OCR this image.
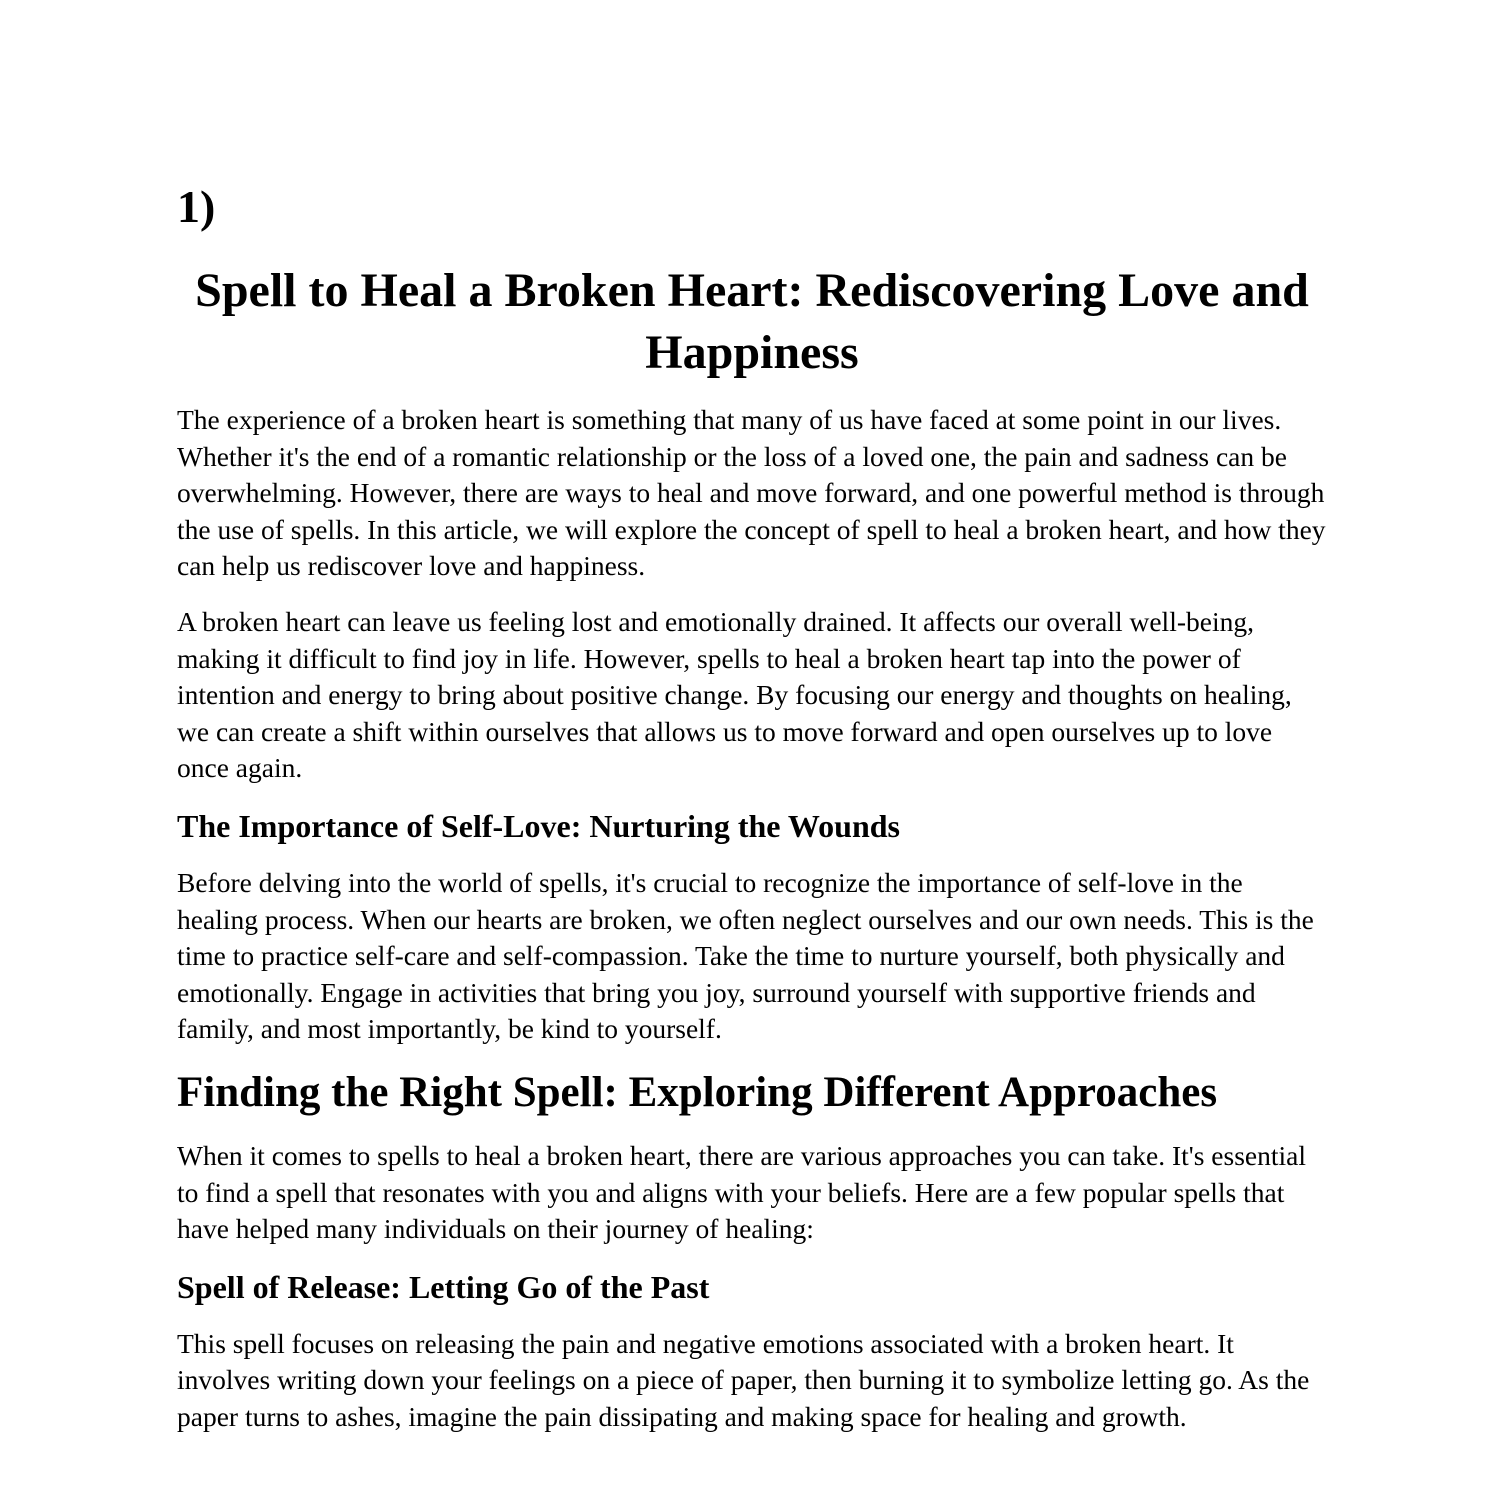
1)
Spell to Heal a Broken Heart: Rediscovering Love and Happiness

The experience of a broken heart is something that many of us have faced at some point in our lives. Whether it's the end of a romantic relationship or the loss of a loved one, the pain and sadness can be overwhelming. However, there are ways to heal and move forward, and one powerful method is through the use of spells. In this article, we will explore the concept of spell to heal a broken heart, and how they can help us rediscover love and happiness.

A broken heart can leave us feeling lost and emotionally drained. It affects our overall well-being, making it difficult to find joy in life. However, spells to heal a broken heart tap into the power of intention and energy to bring about positive change. By focusing our energy and thoughts on healing, we can create a shift within ourselves that allows us to move forward and open ourselves up to love once again.

The Importance of Self-Love: Nurturing the Wounds

Before delving into the world of spells, it's crucial to recognize the importance of self-love in the healing process. When our hearts are broken, we often neglect ourselves and our own needs. This is the time to practice self-care and self-compassion. Take the time to nurture yourself, both physically and emotionally. Engage in activities that bring you joy, surround yourself with supportive friends and family, and most importantly, be kind to yourself.

Finding the Right Spell: Exploring Different Approaches

When it comes to spells to heal a broken heart, there are various approaches you can take. It's essential to find a spell that resonates with you and aligns with your beliefs. Here are a few popular spells that have helped many individuals on their journey of healing:

Spell of Release: Letting Go of the Past

This spell focuses on releasing the pain and negative emotions associated with a broken heart. It involves writing down your feelings on a piece of paper, then burning it to symbolize letting go. As the paper turns to ashes, imagine the pain dissipating and making space for healing and growth.
